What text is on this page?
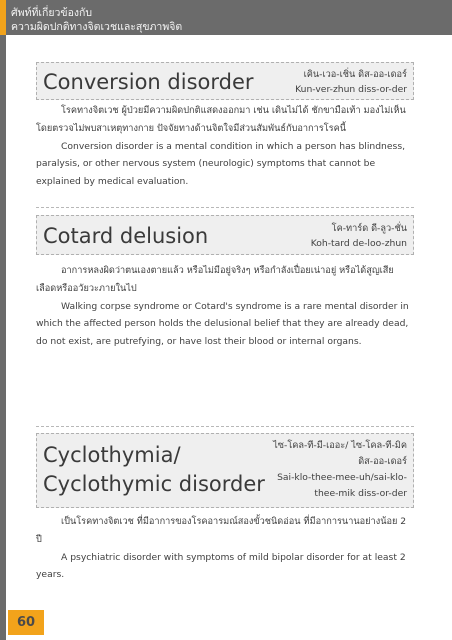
ศัพท์ที่เกี่ยวข้องกับ
ความผิดปกติทางจิตเวชและสุขภาพจิต
60
Conversion disorder	เคิน-เวอ-เชิ่น ดิส-ออ-เดอร์
Kun-ver-zhun diss-or-der

โรคทางจิตเวช ผู้ป่วยมีความผิดปกติแสดงออกมา เช่น เดินไม่ได้ ชักขามือเท้า มองไม่เห็น โดยตรวจไม่พบสาเหตุทางกาย ปัจจัยทางด้านจิตใจมีส่วนสัมพันธ์กับอาการโรคนี้

Conversion disorder is a mental condition in which a person has blindness, paralysis, or other nervous system (neurologic) symptoms that cannot be explained by medical evaluation.

Cotard delusion	โค-ทาร์ด ดี-ลูว-ชั่น
Koh-tard de-loo-zhun

อาการหลงผิดว่าตนเองตายแล้ว หรือไม่มีอยู่จริงๆ หรือกำลังเปื่อยเน่าอยู่ หรือได้สูญเสียเลือดหรืออวัยวะภายในไป

Walking corpse syndrome or Cotard's syndrome is a rare mental disorder in which the affected person holds the delusional belief that they are already dead, do not exist, are putrefying, or have lost their blood or internal organs.

Cyclothymia/
Cyclothymic disorder
ไซ-โคล-ที-มี-เออะ/ ไซ-โคล-ที-มิค
ดิส-ออ-เดอร์
Sai-klo-thee-mee-uh/sai-klo-
thee-mik diss-or-der

เป็นโรคทางจิตเวช ที่มีอาการของโรคอารมณ์สองขั้วชนิดอ่อน ที่มีอาการนานอย่างน้อย 2 ปี

A psychiatric disorder with symptoms of mild bipolar disorder for at least 2 years.
